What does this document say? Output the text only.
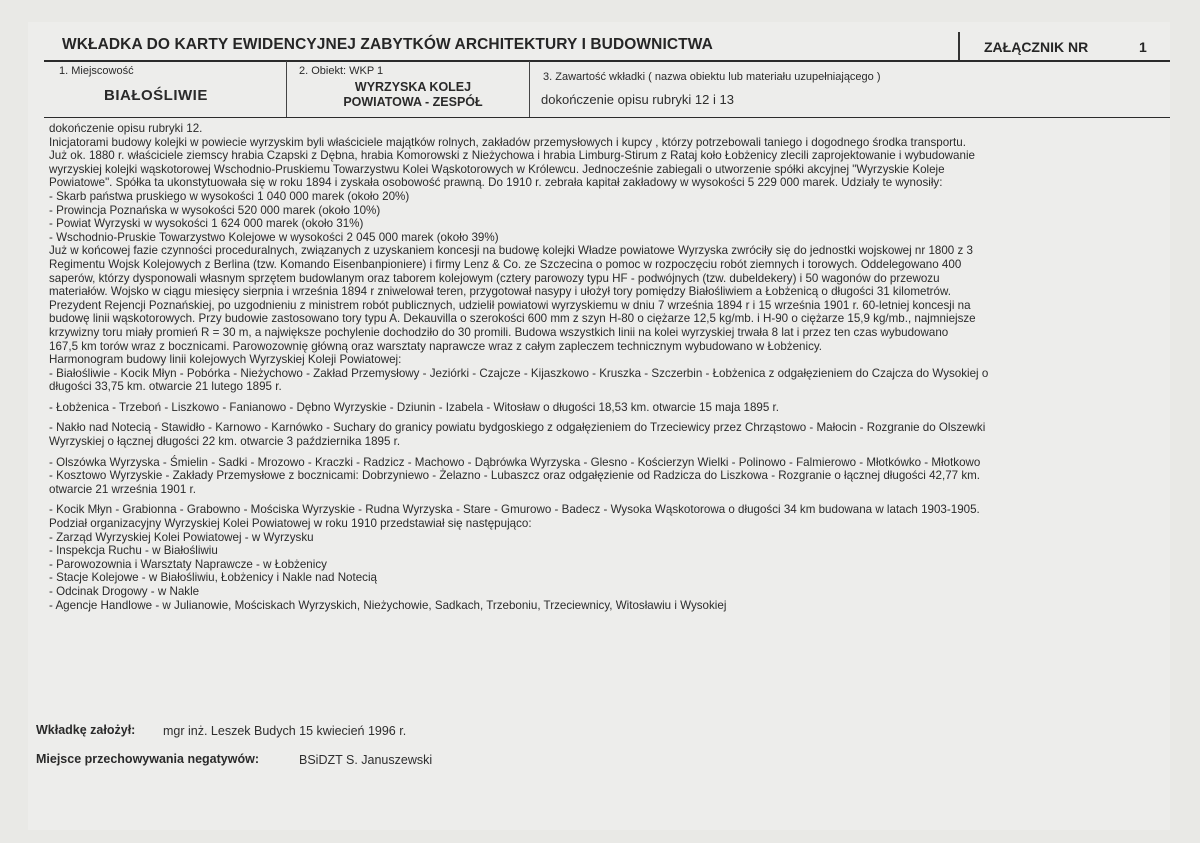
WKŁADKA DO KARTY EWIDENCYJNEJ ZABYTKÓW ARCHITEKTURY I BUDOWNICTWA	ZAŁĄCZNIK NR	1
1. Miejscowość
BIAŁOŚLIWIE
2. Obiekt: WKP 1
WYRZYSKA KOLEJ
POWIATOWA - ZESPÓŁ
3. Zawartość wkładki ( nazwa obiektu lub materiału uzupełniającego )
dokończenie opisu rubryki 12 i 13
dokończenie opisu rubryki 12.
Inicjatorami budowy kolejki w powiecie wyrzyskim byli właściciele majątków rolnych, zakładów przemysłowych i kupcy , którzy potrzebowali taniego i dogodnego środka transportu.
Już ok. 1880 r. właściciele ziemscy hrabia Czapski z Dębna, hrabia Komorowski z Nieżychowa i hrabia Limburg-Stirum z Rataj koło Łobżenicy zlecili zaprojektowanie i wybudowanie
wyrzyskiej kolejki wąskotorowej Wschodnio-Pruskiemu Towarzystwu Kolei Wąskotorowych w Królewcu. Jednocześnie zabiegali o utworzenie spółki akcyjnej "Wyrzyskie Koleje
Powiatowe". Spółka ta ukonstytuowała się w roku 1894 i zyskała osobowość prawną. Do 1910 r. zebrała kapitał zakładowy w wysokości 5 229 000 marek. Udziały te wynosiły:
- Skarb państwa pruskiego w wysokości 1 040 000 marek (około 20%)
- Prowincja Poznańska w wysokości 520 000 marek (około 10%)
- Powiat Wyrzyski w wysokości 1 624 000 marek (około 31%)
- Wschodnio-Pruskie Towarzystwo Kolejowe w wysokości 2 045 000 marek (około 39%)
Już w końcowej fazie czynności proceduralnych, związanych z uzyskaniem koncesji na budowę kolejki Władze powiatowe Wyrzyska zwróciły się do jednostki wojskowej nr 1800 z 3
Regimentu Wojsk Kolejowych z Berlina (tzw. Komando Eisenbanpioniere) i firmy Lenz & Co. ze Szczecina o pomoc w rozpoczęciu robót ziemnych i torowych. Oddelegowano 400
saperów, którzy dysponowali własnym sprzętem budowlanym oraz taborem kolejowym (cztery parowozy typu HF - podwójnych (tzw. dubeldekery) i 50 wagonów do przewozu
materiałów. Wojsko w ciągu miesięcy sierpnia i września 1894 r zniwelował teren, przygotował nasypy i ułożył tory pomiędzy Białośliwiem a Łobżenicą o długości 31 kilometrów.
Prezydent Rejencji Poznańskiej, po uzgodnieniu z ministrem robót publicznych, udzielił powiatowi wyrzyskiemu w dniu 7 września 1894 r i 15 września 1901 r. 60-letniej koncesji na
budowę linii wąskotorowych. Przy budowie zastosowano tory typu A. Dekauvilla o szerokości 600 mm z szyn H-80 o ciężarze 12,5 kg/mb. i H-90 o ciężarze 15,9 kg/mb., najmniejsze
krzywizny toru miały promień R = 30 m, a największe pochylenie dochodziło do 30 promili. Budowa wszystkich linii na kolei wyrzyskiej trwała 8 lat i przez ten czas wybudowano
167,5 km torów wraz z bocznicami. Parowozownię główną oraz warsztaty naprawcze wraz z całym zapleczem technicznym wybudowano w Łobżenicy.
Harmonogram budowy linii kolejowych Wyrzyskiej Koleji Powiatowej:
- Białośliwie - Kocik Młyn - Pobórka - Nieżychowo - Zakład Przemysłowy - Jeziórki - Czajcze - Kijaszkowo - Kruszka - Szczerbin - Łobżenica z odgałęzieniem do Czajcza do Wysokiej o
długości 33,75 km. otwarcie 21 lutego 1895 r.
- Łobżenica - Trzeboń - Liszkowo - Fanianowo - Dębno Wyrzyskie - Dziunin - Izabela - Witosław o długości 18,53 km. otwarcie 15 maja 1895 r.
- Nakło nad Notecią - Stawidło - Karnowo - Karnówko - Suchary do granicy powiatu bydgoskiego z odgałęzieniem do Trzeciewicy przez Chrząstowo - Małocin - Rozgranie do Olszewki
Wyrzyskiej o łącznej długości 22 km. otwarcie 3 października 1895 r.
- Olszówka Wyrzyska - Śmielin - Sadki - Mrozowo - Kraczki - Radzicz - Machowo - Dąbrówka Wyrzyska - Glesno - Kościerzyn Wielki - Polinowo - Falmierowo - Młotkówko - Młotkowo
- Kosztowo Wyrzyskie - Zakłady Przemysłowe z bocznicami: Dobrzyniewo - Żelazno - Lubaszcz oraz odgałęzienie od Radzicza do Liszkowa - Rozgranie o łącznej długości 42,77 km.
otwarcie 21 września 1901 r.
- Kocik Młyn - Grabionna - Grabowno - Mościska Wyrzyskie - Rudna Wyrzyska - Stare - Gmurowo - Badecz - Wysoka Wąskotorowa o długości 34 km budowana w latach 1903-1905.
Podział organizacyjny Wyrzyskiej Kolei Powiatowej w roku 1910 przedstawiał się następująco:
- Zarząd Wyrzyskiej Kolei Powiatowej - w Wyrzysku
- Inspekcja Ruchu - w Białośliwiu
- Parowozownia i Warsztaty Naprawcze - w Łobżenicy
- Stacje Kolejowe - w Białośliwiu, Łobżenicy i Nakle nad Notecią
- Odcinak Drogowy - w Nakle
- Agencje Handlowe - w Julianowie, Mościskach Wyrzyskich, Nieżychowie, Sadkach, Trzeboniu, Trzeciewnicy, Witosławiu i Wysokiej
Wkładkę założył: mgr inż. Leszek Budych 15 kwiecień 1996 r.
Miejsce przechowywania negatywów:	BSiDZT S. Januszewski
